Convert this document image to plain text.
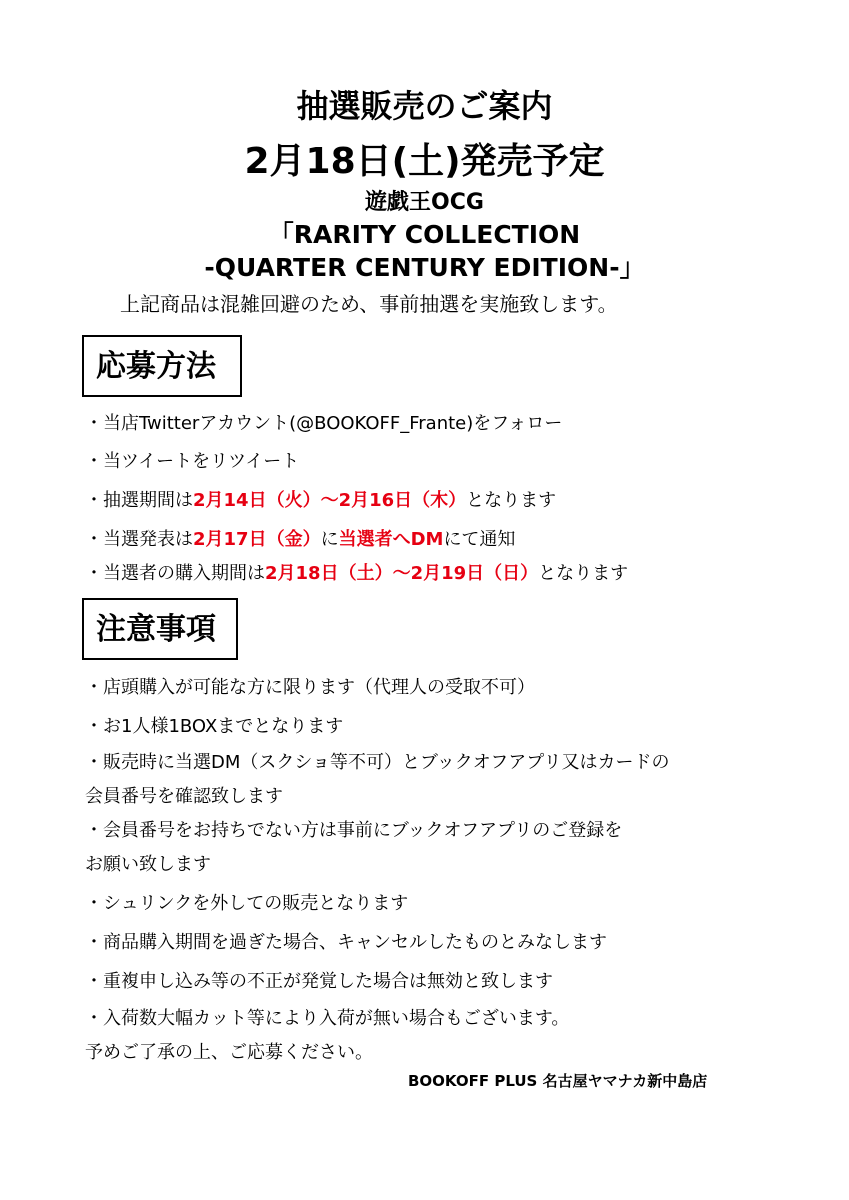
抽選販売のご案内
2月18日(土)発売予定
遊戯王OCG
「RARITY COLLECTION
-QUARTER CENTURY EDITION-」
上記商品は混雑回避のため、事前抽選を実施致します。
応募方法
・当店Twitterアカウント(@BOOKOFF_Frante)をフォロー
・当ツイートをリツイート
・抽選期間は2月14日（火）～2月16日（木）となります
・当選発表は2月17日（金）に当選者へDMにて通知
・当選者の購入期間は2月18日（土）～2月19日（日）となります
注意事項
・店頭購入が可能な方に限ります（代理人の受取不可）
・お1人様1BOXまでとなります
・販売時に当選DM（スクショ等不可）とブックオフアプリ又はカードの
会員番号を確認致します
・会員番号をお持ちでない方は事前にブックオフアプリのご登録を
お願い致します
・シュリンクを外しての販売となります
・商品購入期間を過ぎた場合、キャンセルしたものとみなします
・重複申し込み等の不正が発覚した場合は無効と致します
・入荷数大幅カット等により入荷が無い場合もございます。
予めご了承の上、ご応募ください。
BOOKOFF PLUS 名古屋ヤマナカ新中島店
